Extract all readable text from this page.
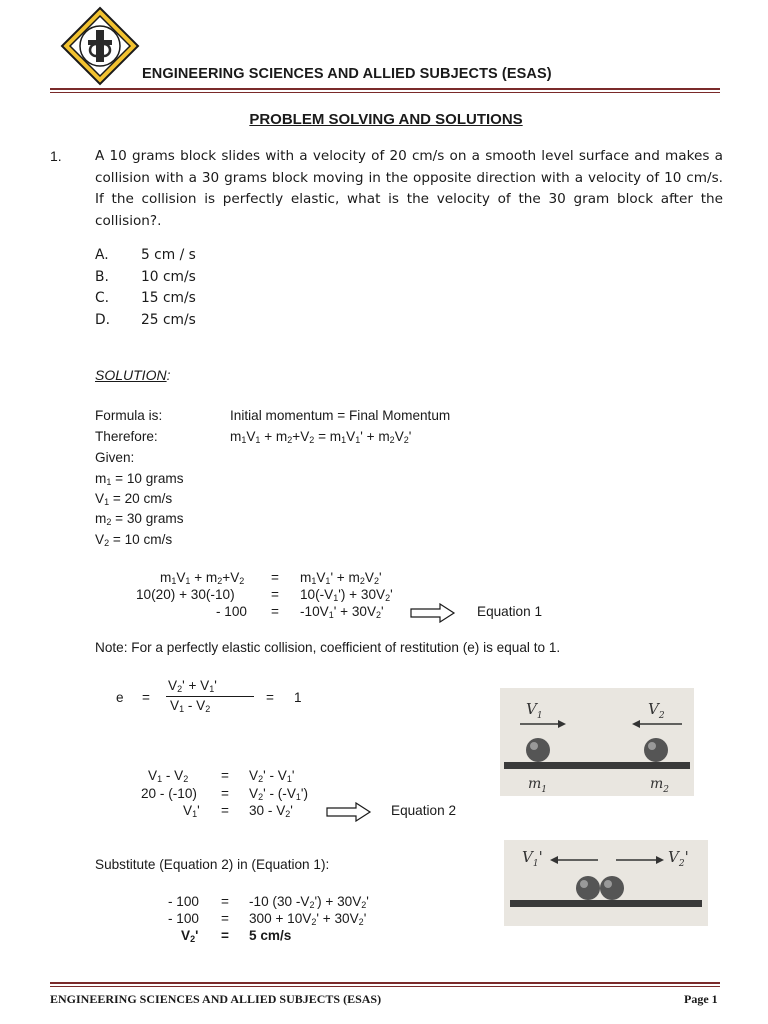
ENGINEERING SCIENCES AND ALLIED SUBJECTS (ESAS)
PROBLEM SOLVING AND SOLUTIONS
1. A 10 grams block slides with a velocity of 20 cm/s on a smooth level surface and makes a collision with a 30 grams block moving in the opposite direction with a velocity of 10 cm/s. If the collision is perfectly elastic, what is the velocity of the 30 gram block after the collision?.
A. 5 cm / s
B. 10 cm/s
C. 15 cm/s
D. 25 cm/s
SOLUTION:
Formula is:	Initial momentum = Final Momentum
Therefore:	$m_1V_1 + m_2+V_2 = m_1V_1' + m_2V_2'$
Given:
$m_1 = 10$ grams
$V_1 = 20$ cm/s
$m_2 = 30$ grams
$V_2 = 10$ cm/s
$m_1V_1 + m_2+V_2 = m_1V_1' + m_2V_2'$
10(20) + 30(-10)	= $10(-V_1') + 30V_2'$
- $100 = -10V_1' + 30V_2'$	Equation 1
Note: For a perfectly elastic collision, coefficient of restitution (e) is equal to 1.
e =
$V_2' + V_1'$
$V_1 - V_2$
= 1
$V_1 - V_2 = V_2' - V_1'$
$20 - (-10) = V_2' - (-V_1')$
$V_1' = 30 - V_2'$	Equation 2
Substitute (Equation 2) in (Equation 1):
- 100 = -10 (30 $-V_2') + 30V_2'$
- $100 = 300 + 10V_2' + 30V_2'$
$V_2' = 5$ cm/s
$V_1$	$V_2$
$m_1$	$m_2$
$V_1'$	$V_2'$
ENGINEERING SCIENCES AND ALLIED SUBJECTS (ESAS)	Page 1
